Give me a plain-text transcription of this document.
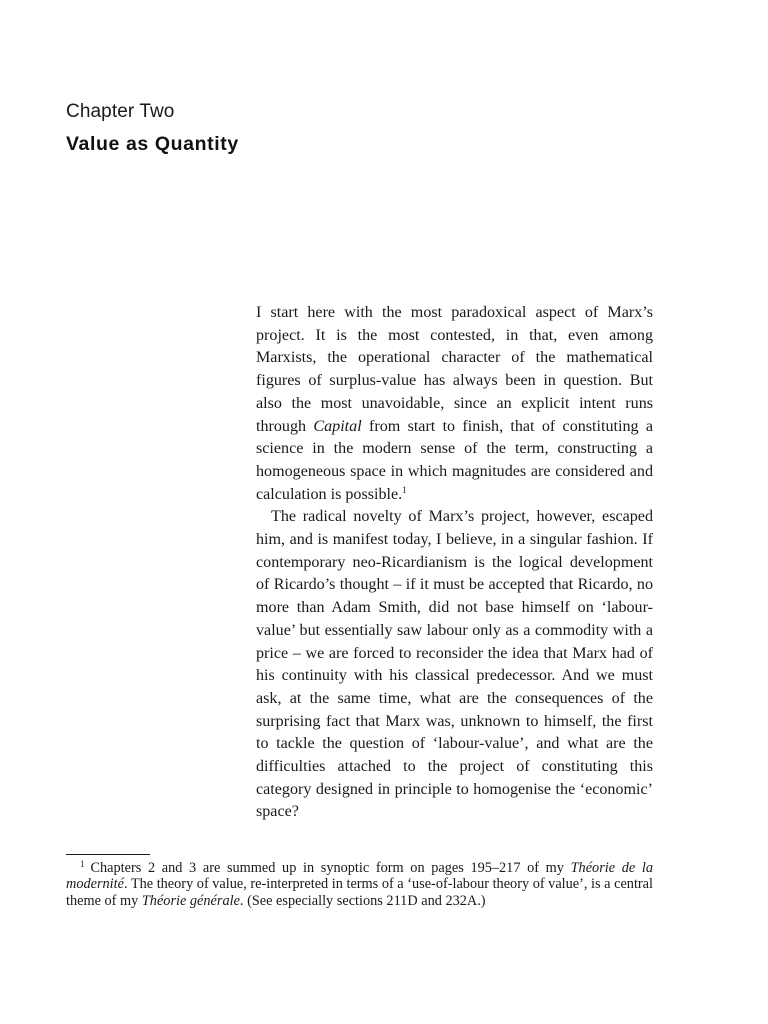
Chapter Two
Value as Quantity

I start here with the most paradoxical aspect of Marx’s project. It is the most contested, in that, even among Marxists, the operational character of the mathematical figures of surplus-value has always been in question. But also the most unavoidable, since an explicit intent runs through Capital from start to finish, that of constituting a science in the modern sense of the term, constructing a homogeneous space in which magnitudes are considered and calculation is possible.$^1$

The radical novelty of Marx’s project, however, escaped him, and is manifest today, I believe, in a singular fashion. If contemporary neo-Ricardianism is the logical development of Ricardo’s thought – if it must be accepted that Ricardo, no more than Adam Smith, did not base himself on ‘labour-value’ but essentially saw labour only as a commodity with a price – we are forced to reconsider the idea that Marx had of his continuity with his classical predecessor. And we must ask, at the same time, what are the consequences of the surprising fact that Marx was, unknown to himself, the first to tackle the question of ‘labour-value’, and what are the difficulties attached to the project of constituting this category designed in principle to homogenise the ‘economic’ space?

$^1$ Chapters 2 and 3 are summed up in synoptic form on pages 195–217 of my Théorie de la modernité. The theory of value, re-interpreted in terms of a ‘use-of-labour theory of value’, is a central theme of my Théorie générale. (See especially sections 211D and 232A.)
